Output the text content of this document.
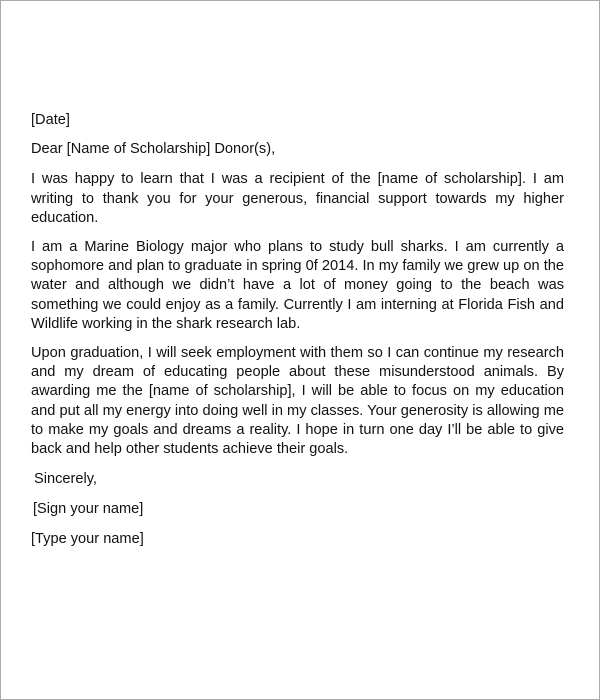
[Date]

Dear [Name of Scholarship] Donor(s),

I was happy to learn that I was a recipient of the [name of scholarship]. I am writing to thank you for your generous, financial support towards my higher education.

I am a Marine Biology major who plans to study bull sharks. I am currently a sophomore and plan to graduate in spring 0f 2014. In my family we grew up on the water and although we didn’t have a lot of money going to the beach was something we could enjoy as a family. Currently I am interning at Florida Fish and Wildlife working in the shark research lab.

Upon graduation, I will seek employment with them so I can continue my research and my dream of educating people about these misunderstood animals. By awarding me the [name of scholarship], I will be able to focus on my education and put all my energy into doing well in my classes. Your generosity is allowing me to make my goals and dreams a reality. I hope in turn one day I’ll be able to give back and help other students achieve their goals.

Sincerely,

[Sign your name]

[Type your name]
